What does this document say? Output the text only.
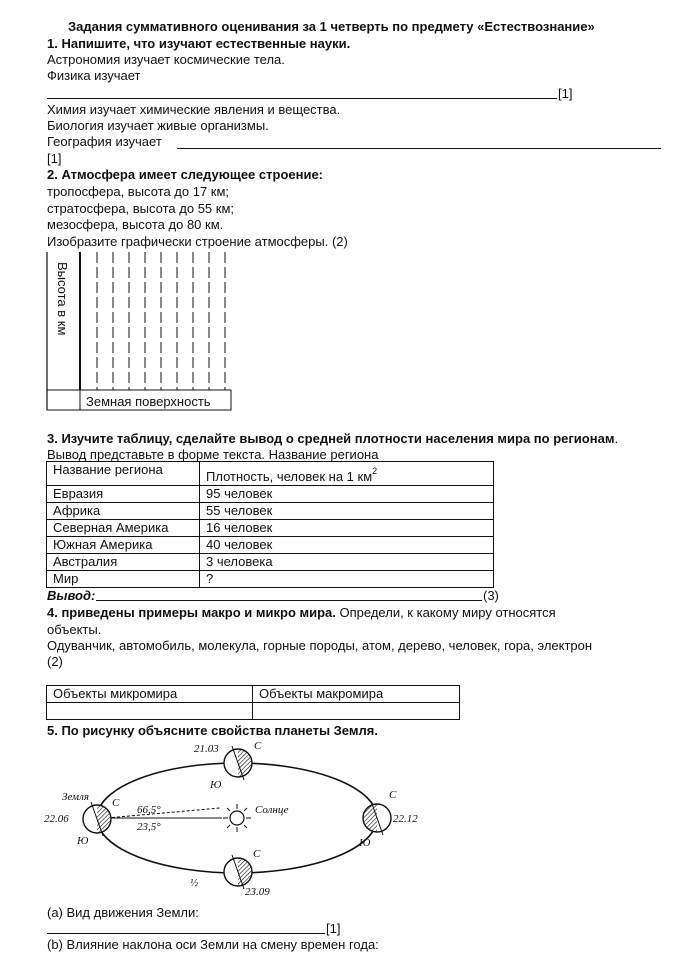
Задания суммативного оценивания за 1 четверть по предмету «Естествознание»
1. Напишите, что изучают естественные науки.
Астрономия изучает космические тела.
Физика изучает
[1]
Химия изучает химические явления и вещества.
Биология изучает живые организмы.
География изучает
[1]
2. Атмосфера имеет следующее строение:
тропосфера, высота до 17 км;
стратосфера, высота до 55 км;
мезосфера, высота до 80 км.
Изобразите графически строение атмосферы. (2)
Высота в км
Земная поверхность
3. Изучите таблицу, сделайте вывод о средней плотности населения мира по регионам. Вывод представьте в форме текста. Название региона
Название региона	Плотность, человек на 1 $км^2$
Евразия	95 человек
Африка	55 человек
Северная Америка	16 человек
Южная Америка	40 человек
Австралия	3 человека
Мир	?
Вывод:	(3)
4. приведены примеры макро и микро мира. Определи, к какому миру относятся
объекты.
Одуванчик, автомобиль, молекула, горные породы, атом, дерево, человек, гора, электрон
(2)
Объекты микромира	Объекты макромира

5. По рисунку объясните свойства планеты Земля.
Земля
22.06
С
Ю
66,5°
23,5°
Солнце
21.03	С
Ю
С
22.12
Ю
С
½
23.09
(a) Вид движения Земли:
[1]
(b) Влияние наклона оси Земли на смену времен года:
